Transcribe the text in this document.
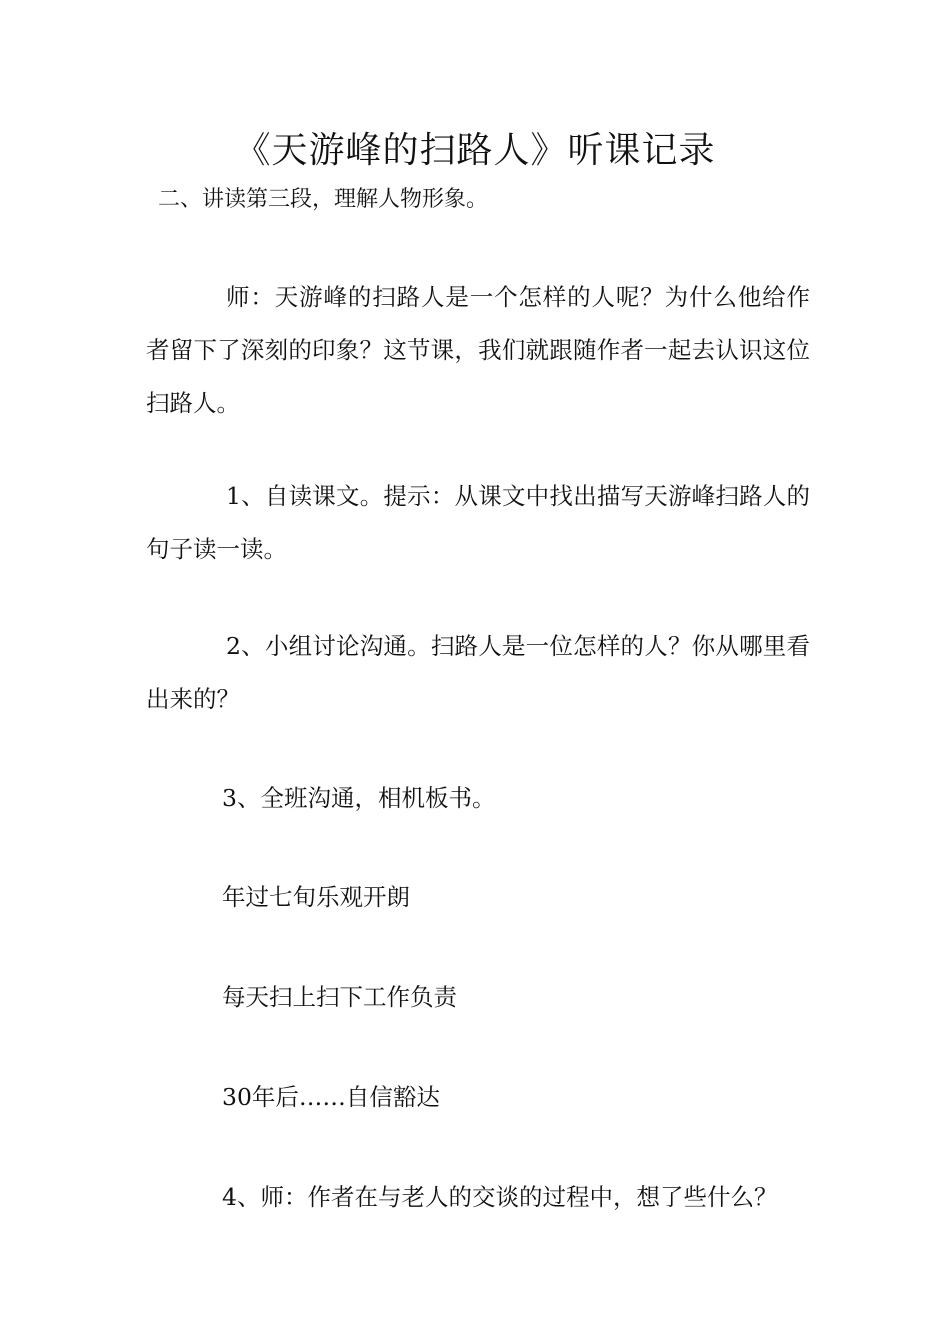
《天游峰的扫路人》听课记录

二、讲读第三段，理解人物形象。

师：天游峰的扫路人是一个怎样的人呢？为什么他给作者留下了深刻的印象？这节课，我们就跟随作者一起去认识这位扫路人。

1、自读课文。提示：从课文中找出描写天游峰扫路人的句子读一读。

2、小组讨论沟通。扫路人是一位怎样的人？你从哪里看出来的？

3、全班沟通，相机板书。

年过七旬乐观开朗

每天扫上扫下工作负责

30年后……自信豁达

4、师：作者在与老人的交谈的过程中，想了些什么？
